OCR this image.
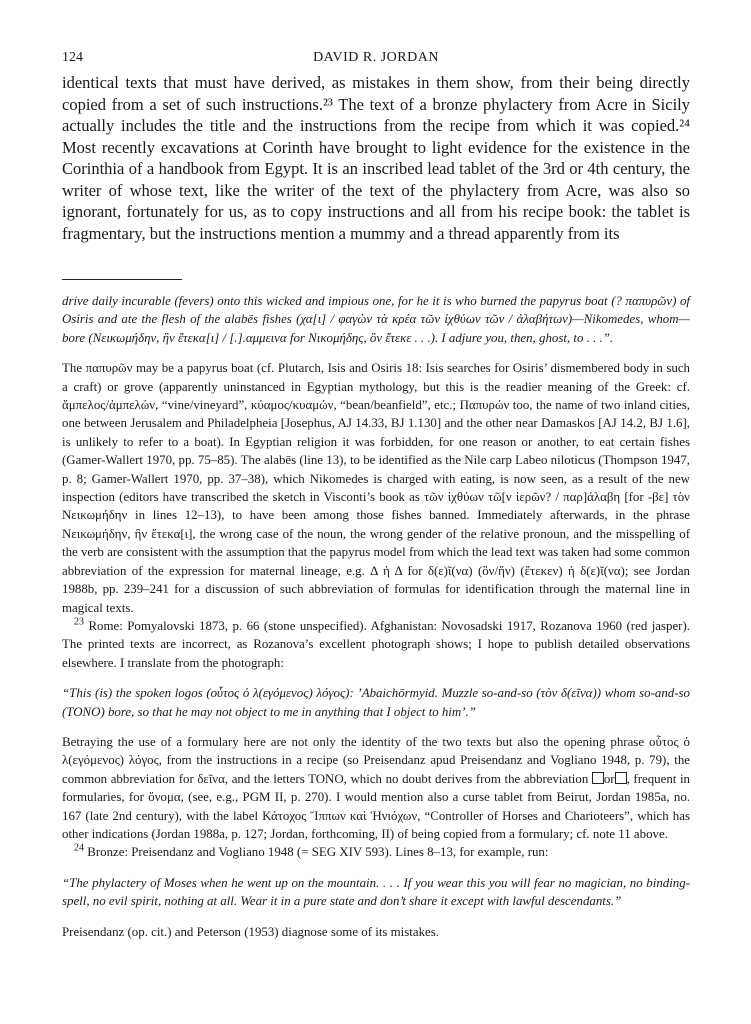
124	DAVID R. JORDAN

identical texts that must have derived, as mistakes in them show, from their being directly copied from a set of such instructions.²³ The text of a bronze phylactery from Acre in Sicily actually includes the title and the instructions from the recipe from which it was copied.²⁴ Most recently excavations at Corinth have brought to light evidence for the existence in the Corinthia of a handbook from Egypt. It is an inscribed lead tablet of the 3rd or 4th century, the writer of whose text, like the writer of the text of the phylactery from Acre, was also so ignorant, fortunately for us, as to copy instructions and all from his recipe book: the tablet is fragmentary, but the instructions mention a mummy and a thread apparently from its

drive daily incurable (fevers) onto this wicked and impious one, for he it is who burned the papyrus boat (? παπυρῶν) of Osiris and ate the flesh of the alabēs fishes (χα[ι] / φαγὼν τὰ κρέα τῶν ἰχθύων τῶν / ἀλαβήτων)—Nikomedes, whom—bore (Νεικωμήδην, ἣν ἔτεκα[ι] / [.].αμμεινα for Νικομήδης, ὃν ἔτεκε . . .). I adjure you, then, ghost, to . . .”.

The παπυρῶν may be a papyrus boat (cf. Plutarch, Isis and Osiris 18: Isis searches for Osiris’ dismembered body in such a craft) or grove (apparently uninstanced in Egyptian mythology, but this is the readier meaning of the Greek: cf. ἄμπελος/ἀμπελών, “vine/vineyard”, κύαμος/κυαμών, “bean/beanfield”, etc.; Παπυρών too, the name of two inland cities, one between Jerusalem and Philadelpheia [Josephus, AJ 14.33, BJ 1.130] and the other near Damaskos [AJ 14.2, BJ 1.6], is unlikely to refer to a boat). In Egyptian religion it was forbidden, for one reason or another, to eat certain fishes (Gamer-Wallert 1970, pp. 75–85). The alabēs (line 13), to be identified as the Nile carp Labeo niloticus (Thompson 1947, p. 8; Gamer-Wallert 1970, pp. 37–38), which Nikomedes is charged with eating, is now seen, as a result of the new inspection (editors have transcribed the sketch in Visconti’s book as τῶν ἰχθύων τῶ[ν ἱερῶν? / παρ]άλαβη [for -βε] τὸν Νεικωμήδην in lines 12–13), to have been among those fishes banned. Immediately afterwards, in the phrase Νεικωμήδην, ἣν ἔτεκα[ι], the wrong case of the noun, the wrong gender of the relative pronoun, and the misspelling of the verb are consistent with the assumption that the papyrus model from which the lead text was taken had some common abbreviation of the expression for maternal lineage, e.g. Δ ἡ Δ for δ(ε)ῖ(να) (ὃν/ἥν) (ἔτεκεν) ἡ δ(ε)ῖ(να); see Jordan 1988b, pp. 239–241 for a discussion of such abbreviation of formulas for identification through the maternal line in magical texts.

$^{23}$ Rome: Pomyalovski 1873, p. 66 (stone unspecified). Afghanistan: Novosadski 1917, Rozanova 1960 (red jasper). The printed texts are incorrect, as Rozanova’s excellent photograph shows; I hope to publish detailed observations elsewhere. I translate from the photograph:

“This (is) the spoken logos (οὗτος ὁ λ(εγόμενος) λόγος): ’Abaichōrmyid. Muzzle so-and-so (τὸν δ(εῖνα)) whom so-and-so (TONO) bore, so that he may not object to me in anything that I object to him’.”

Betraying the use of a formulary here are not only the identity of the two texts but also the opening phrase οὗτος ὁ λ(εγόμενος) λόγος, from the instructions in a recipe (so Preisendanz apud Preisendanz and Vogliano 1948, p. 79), the common abbreviation for δεῖνα, and the letters TONO, which no doubt derives from the abbreviation or , frequent in formularies, for ὄνομα, (see, e.g., PGM II, p. 270). I would mention also a curse tablet from Beirut, Jordan 1985a, no. 167 (late 2nd century), with the label Κάτοχος Ἵππων καὶ Ἡνιόχων, “Controller of Horses and Charioteers”, which has other indications (Jordan 1988a, p. 127; Jordan, forthcoming, II) of being copied from a formulary; cf. note 11 above.

$^{24}$ Bronze: Preisendanz and Vogliano 1948 (= SEG XIV 593). Lines 8–13, for example, run:

“The phylactery of Moses when he went up on the mountain. . . . If you wear this you will fear no magician, no binding-spell, no evil spirit, nothing at all. Wear it in a pure state and don’t share it except with lawful descendants.”

Preisendanz (op. cit.) and Peterson (1953) diagnose some of its mistakes.
